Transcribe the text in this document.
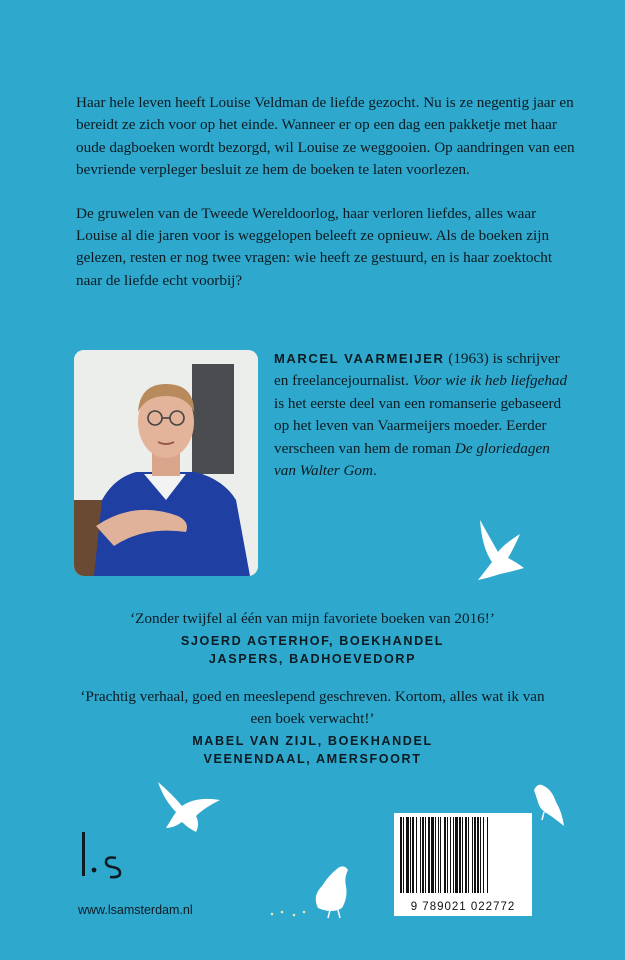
Haar hele leven heeft Louise Veldman de liefde gezocht. Nu is ze negentig jaar en bereidt ze zich voor op het einde. Wanneer er op een dag een pakketje met haar oude dagboeken wordt bezorgd, wil Louise ze weggooien. Op aandringen van een bevriende verpleger besluit ze hem de boeken te laten voorlezen.

De gruwelen van de Tweede Wereldoorlog, haar verloren liefdes, alles waar Louise al die jaren voor is weggelopen beleeft ze opnieuw. Als de boeken zijn gelezen, resten er nog twee vragen: wie heeft ze gestuurd, en is haar zoektocht naar de liefde echt voorbij?

MARCEL VAARMEIJER (1963) is schrijver en freelancejournalist. Voor wie ik heb liefgehad is het eerste deel van een romanserie gebaseerd op het leven van Vaarmeijers moeder. Eerder verscheen van hem de roman De gloriedagen van Walter Gom.

‘Zonder twijfel al één van mijn favoriete boeken van 2016!’

SJOERD AGTERHOF, BOEKHANDEL JASPERS, BADHOEVEDORP

‘Prachtig verhaal, goed en meeslepend geschreven. Kortom, alles wat ik van een boek verwacht!’

MABEL VAN ZIJL, BOEKHANDEL VEENENDAAL, AMERSFOORT

9 789021 022772
www.lsamsterdam.nl
